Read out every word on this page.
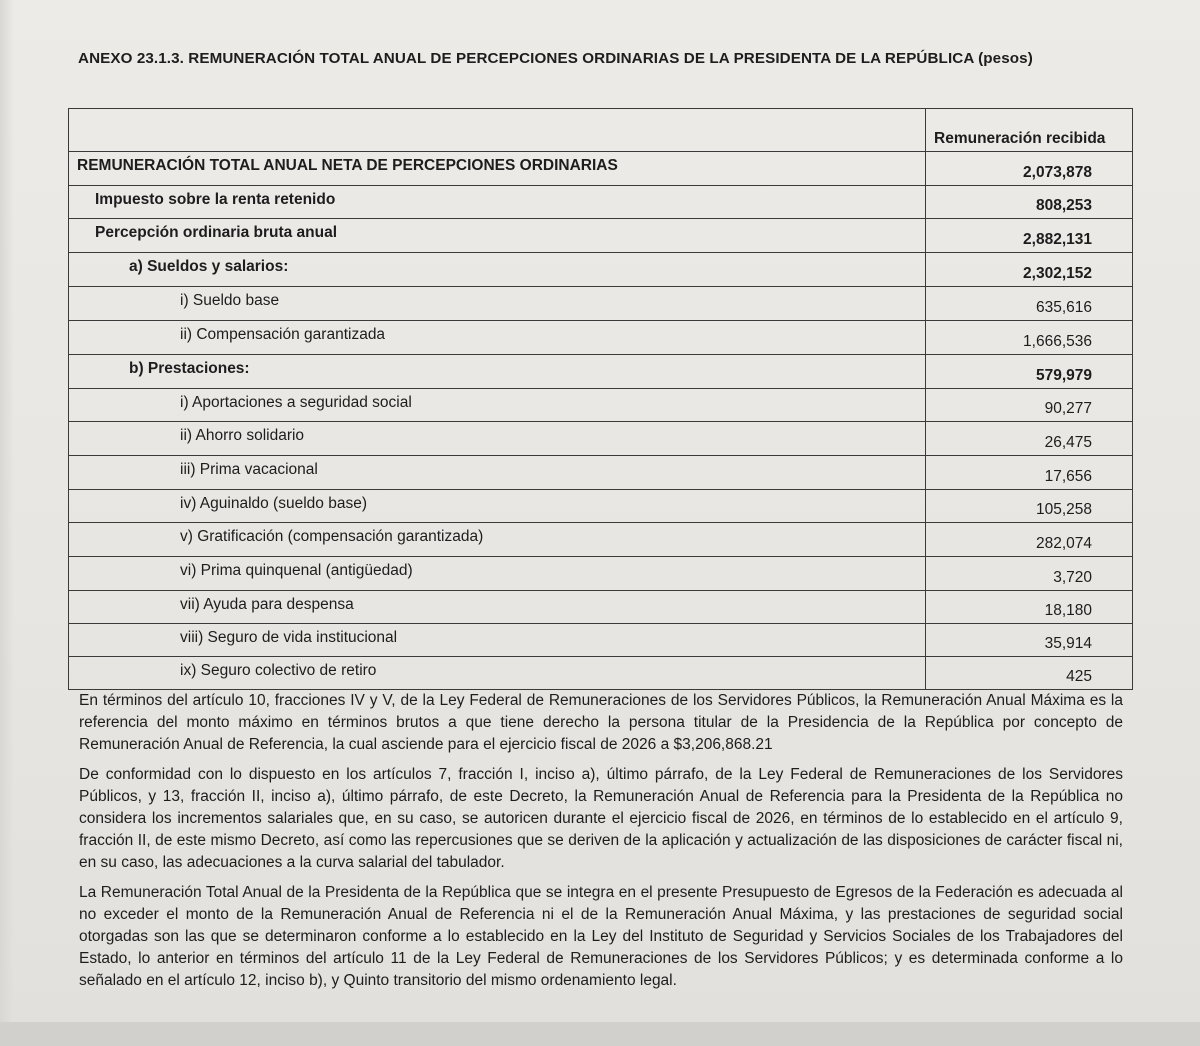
ANEXO 23.1.3. REMUNERACIÓN TOTAL ANUAL DE PERCEPCIONES ORDINARIAS DE LA PRESIDENTA DE LA REPÚBLICA (pesos)
	Remuneración recibida
REMUNERACIÓN TOTAL ANUAL NETA DE PERCEPCIONES ORDINARIAS	2,073,878
Impuesto sobre la renta retenido	808,253
Percepción ordinaria bruta anual	2,882,131
a) Sueldos y salarios:	2,302,152
i) Sueldo base	635,616
ii) Compensación garantizada	1,666,536
b) Prestaciones:	579,979
i) Aportaciones a seguridad social	90,277
ii) Ahorro solidario	26,475
iii) Prima vacacional	17,656
iv) Aguinaldo (sueldo base)	105,258
v) Gratificación (compensación garantizada)	282,074
vi) Prima quinquenal (antigüedad)	3,720
vii) Ayuda para despensa	18,180
viii) Seguro de vida institucional	35,914
ix) Seguro colectivo de retiro	425

En términos del artículo 10, fracciones IV y V, de la Ley Federal de Remuneraciones de los Servidores Públicos, la Remuneración Anual Máxima es la referencia del monto máximo en términos brutos a que tiene derecho la persona titular de la Presidencia de la República por concepto de Remuneración Anual de Referencia, la cual asciende para el ejercicio fiscal de 2026 a $3,206,868.21

De conformidad con lo dispuesto en los artículos 7, fracción I, inciso a), último párrafo, de la Ley Federal de Remuneraciones de los Servidores Públicos, y 13, fracción II, inciso a), último párrafo, de este Decreto, la Remuneración Anual de Referencia para la Presidenta de la República no considera los incrementos salariales que, en su caso, se autoricen durante el ejercicio fiscal de 2026, en términos de lo establecido en el artículo 9, fracción II, de este mismo Decreto, así como las repercusiones que se deriven de la aplicación y actualización de las disposiciones de carácter fiscal ni, en su caso, las adecuaciones a la curva salarial del tabulador.

La Remuneración Total Anual de la Presidenta de la República que se integra en el presente Presupuesto de Egresos de la Federación es adecuada al no exceder el monto de la Remuneración Anual de Referencia ni el de la Remuneración Anual Máxima, y las prestaciones de seguridad social otorgadas son las que se determinaron conforme a lo establecido en la Ley del Instituto de Seguridad y Servicios Sociales de los Trabajadores del Estado, lo anterior en términos del artículo 11 de la Ley Federal de Remuneraciones de los Servidores Públicos; y es determinada conforme a lo señalado en el artículo 12, inciso b), y Quinto transitorio del mismo ordenamiento legal.
